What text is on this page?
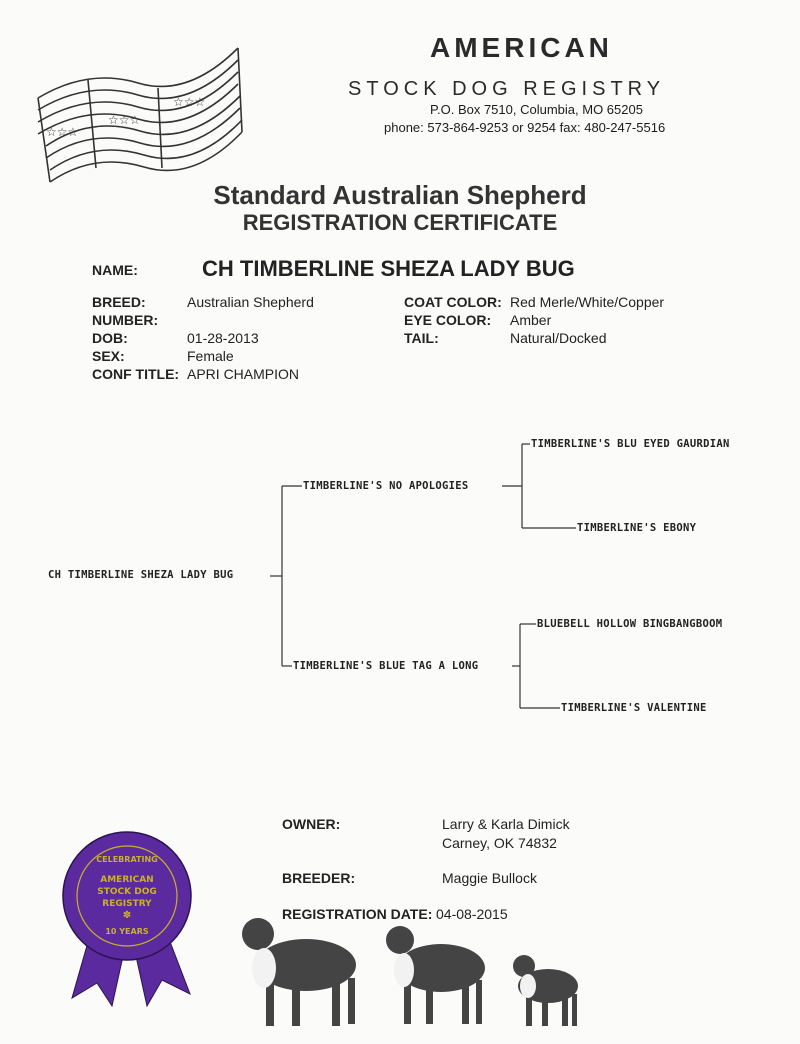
☆☆☆
☆☆☆
☆☆☆
AMERICAN
STOCK DOG REGISTRY
P.O. Box 7510, Columbia, MO 65205
phone: 573-864-9253 or 9254 fax: 480-247-5516
Standard Australian Shepherd
REGISTRATION CERTIFICATE
NAME:	CH TIMBERLINE SHEZA LADY BUG
BREED:	Australian Shepherd
NUMBER:
DOB:	01-28-2013
SEX:	Female
CONF TITLE: APRI CHAMPION
COAT COLOR: Red Merle/White/Copper
EYE COLOR: Amber
TAIL:	Natural/Docked
CH TIMBERLINE SHEZA LADY BUG
TIMBERLINE'S NO APOLOGIES
TIMBERLINE'S BLUE TAG A LONG
TIMBERLINE'S BLU EYED GAURDIAN
TIMBERLINE'S EBONY
BLUEBELL HOLLOW BINGBANGBOOM
TIMBERLINE'S VALENTINE
OWNER:	Larry & Karla Dimick
Carney, OK 74832
BREEDER:	Maggie Bullock
REGISTRATION DATE: 04-08-2015
CELEBRATING
AMERICAN
STOCK DOG
REGISTRY
✽
10 YEARS
